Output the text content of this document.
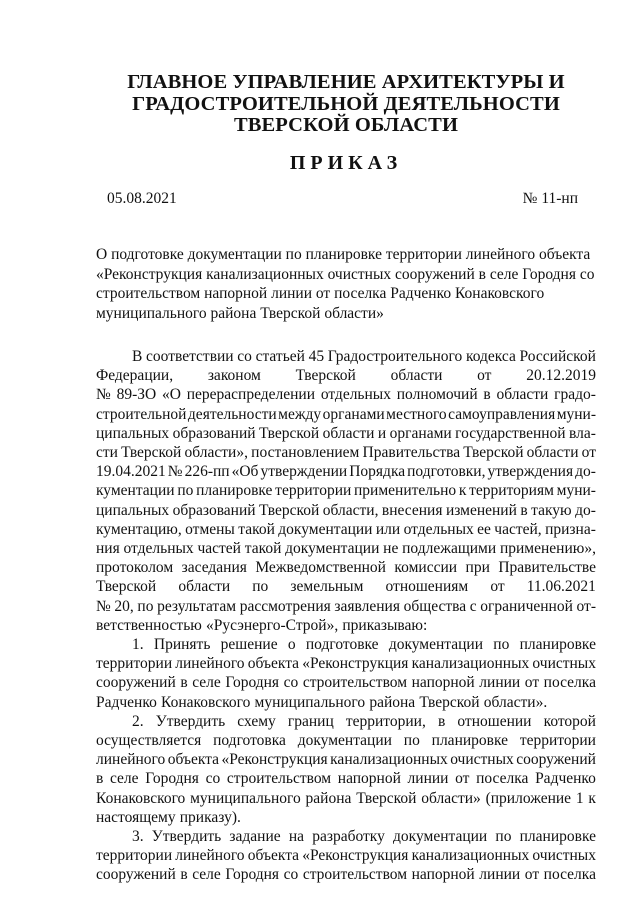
ГЛАВНОЕ УПРАВЛЕНИЕ АРХИТЕКТУРЫ И
ГРАДОСТРОИТЕЛЬНОЙ ДЕЯТЕЛЬНОСТИ
ТВЕРСКОЙ ОБЛАСТИ
ПРИКАЗ
05.08.2021	№ 11-нп
О подготовке документации по планировке территории линейного объекта
«Реконструкция канализационных очистных сооружений в селе Городня со
строительством напорной линии от поселка Радченко Конаковского
муниципального района Тверской области»
В соответствии со статьей 45 Градостроительного кодекса Российской
Федерации, законом Тверской области от 20.12.2019
№ 89-ЗО «О перераспределении отдельных полномочий в области градо-
строительной деятельности между органами местного самоуправления муни-
ципальных образований Тверской области и органами государственной вла-
сти Тверской области», постановлением Правительства Тверской области от
19.04.2021 № 226-пп «Об утверждении Порядка подготовки, утверждения до-
кументации по планировке территории применительно к территориям муни-
ципальных образований Тверской области, внесения изменений в такую до-
кументацию, отмены такой документации или отдельных ее частей, призна-
ния отдельных частей такой документации не подлежащими применению»,
протоколом заседания Межведомственной комиссии при Правительстве
Тверской области по земельным отношениям от 11.06.2021
№ 20, по результатам рассмотрения заявления общества с ограниченной от-
ветственностью «Русэнерго-Строй», приказываю:
1. Принять решение о подготовке документации по планировке
территории линейного объекта «Реконструкция канализационных очистных
сооружений в селе Городня со строительством напорной линии от поселка
Радченко Конаковского муниципального района Тверской области».
2. Утвердить схему границ территории, в отношении которой
осуществляется подготовка документации по планировке территории
линейного объекта «Реконструкция канализационных очистных сооружений
в селе Городня со строительством напорной линии от поселка Радченко
Конаковского муниципального района Тверской области» (приложение 1 к
настоящему приказу).
3. Утвердить задание на разработку документации по планировке
территории линейного объекта «Реконструкция канализационных очистных
сооружений в селе Городня со строительством напорной линии от поселка
